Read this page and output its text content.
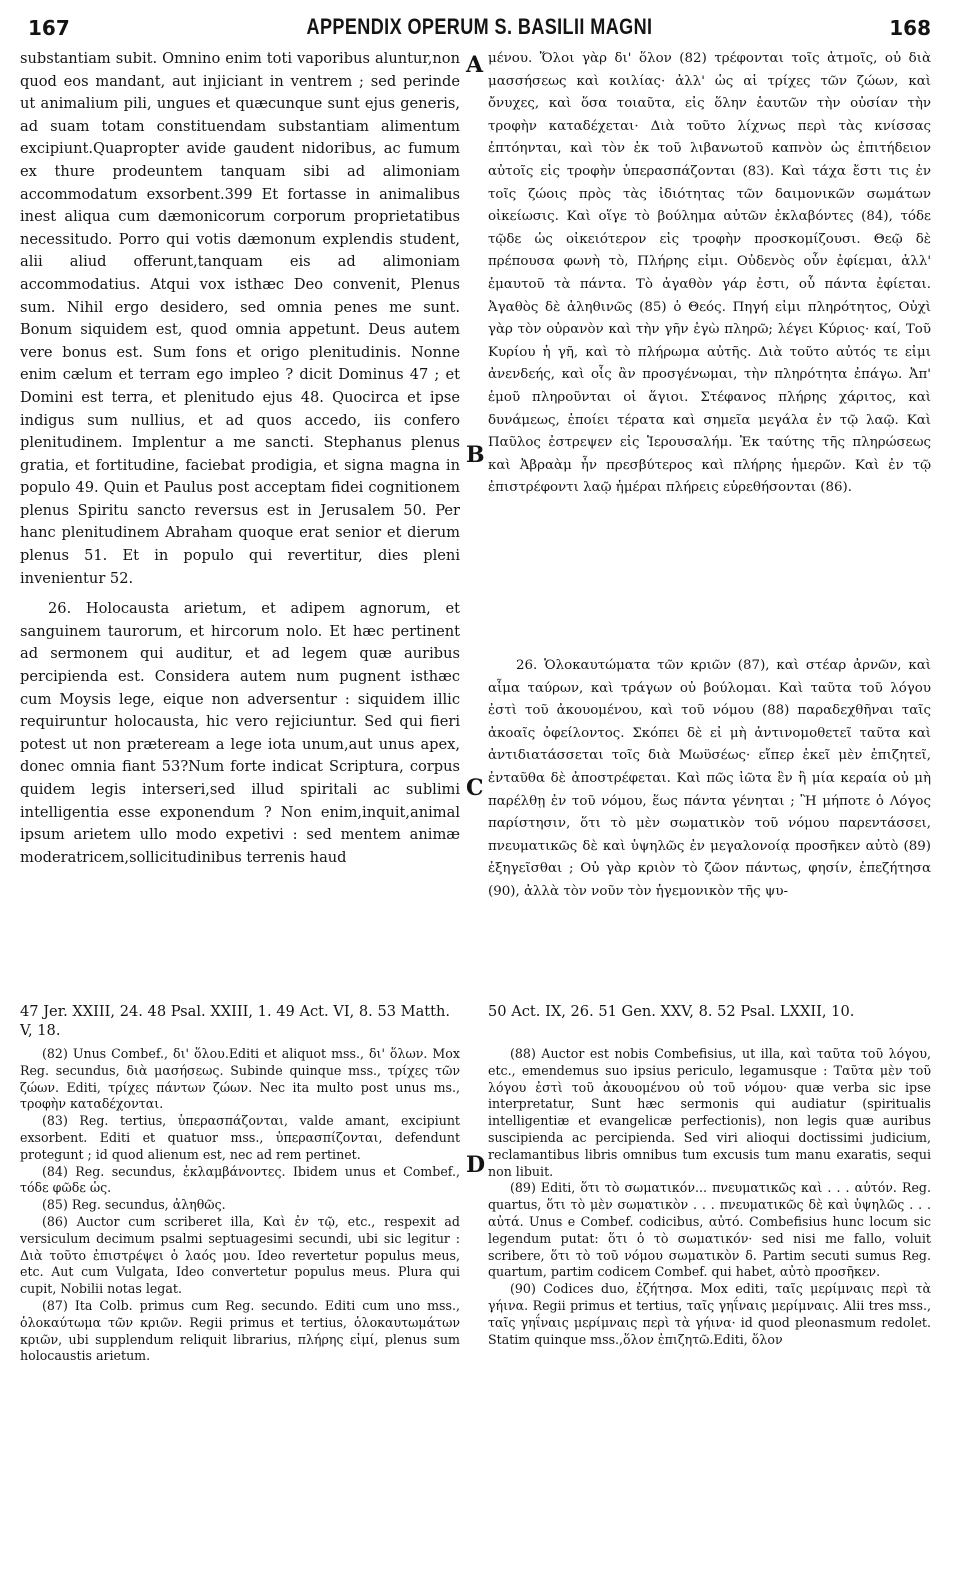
167	APPENDIX OPERUM S. BASILII MAGNI	168

substantiam subit. Omnino enim toti vaporibus aluntur,non quod eos mandant, aut injiciant in ventrem ; sed perinde ut animalium pili, ungues et quæcunque sunt ejus generis, ad suam totam constituendam substantiam alimentum excipiunt.Quapropter avide gaudent nidoribus, ac fumum ex thure prodeuntem tanquam sibi ad alimoniam accommodatum exsorbent.399 Et fortasse in animalibus inest aliqua cum dæmonicorum corporum proprietatibus necessitudo. Porro qui votis dæmonum explendis student, alii aliud offerunt,tanquam eis ad alimoniam accommodatius. Atqui vox isthæc Deo convenit, Plenus sum. Nihil ergo desidero, sed omnia penes me sunt. Bonum siquidem est, quod omnia appetunt. Deus autem vere bonus est. Sum fons et origo plenitudinis. Nonne enim cælum et terram ego impleo ? dicit Dominus 47 ; et Domini est terra, et plenitudo ejus 48. Quocirca et ipse indigus sum nullius, et ad quos accedo, iis confero plenitudinem. Implentur a me sancti. Stephanus plenus gratia, et fortitudine, faciebat prodigia, et signa magna in populo 49. Quin et Paulus post acceptam fidei cognitionem plenus Spiritu sancto reversus est in Jerusalem 50. Per hanc plenitudinem Abraham quoque erat senior et dierum plenus 51. Et in populo qui revertitur, dies pleni invenientur 52.

26. Holocausta arietum, et adipem agnorum, et sanguinem taurorum, et hircorum nolo. Et hæc pertinent ad sermonem qui auditur, et ad legem quæ auribus percipienda est. Considera autem num pugnent isthæc cum Moysis lege, eique non adversentur : siquidem illic requiruntur holocausta, hic vero rejiciuntur. Sed qui fieri potest ut non præteream a lege iota unum,aut unus apex, donec omnia fiant 53?Num forte indicat Scriptura, corpus quidem legis interseri,sed illud spiritali ac sublimi intelligentia esse exponendum ? Non enim,inquit,animal ipsum arietem ullo modo expetivi : sed mentem animæ moderatricem,sollicitudinibus terrenis haud

A
B
C
D

μένου. Ὅλοι γὰρ δι' ὅλον (82) τρέφονται τοῖς ἀτμοῖς, οὐ διὰ μασσήσεως καὶ κοιλίας· ἀλλ' ὡς αἱ τρίχες τῶν ζώων, καὶ ὄνυχες, καὶ ὅσα τοιαῦτα, εἰς ὅλην ἑαυτῶν τὴν οὐσίαν τὴν τροφὴν καταδέχεται· Διὰ τοῦτο λίχνως περὶ τὰς κνίσσας ἐπτόηνται, καὶ τὸν ἐκ τοῦ λιβανωτοῦ καπνὸν ὡς ἐπιτήδειον αὐτοῖς εἰς τροφὴν ὑπερασπάζονται (83). Καὶ τάχα ἔστι τις ἐν τοῖς ζώοις πρὸς τὰς ἰδιότητας τῶν δαιμονικῶν σωμάτων οἰκείωσις. Καὶ οἵγε τὸ βούλημα αὐτῶν ἐκλαβόντες (84), τόδε τῷδε ὡς οἰκειότερον εἰς τροφὴν προσκομίζουσι. Θεῷ δὲ πρέπουσα φωνὴ τὸ, Πλήρης εἰμι. Οὐδενὸς οὖν ἐφίεμαι, ἀλλ' ἐμαυτοῦ τὰ πάντα. Τὸ ἀγαθὸν γάρ ἐστι, οὗ πάντα ἐφίεται. Ἀγαθὸς δὲ ἀληθινῶς (85) ὁ Θεός. Πηγή εἰμι πληρότητος, Οὐχὶ γὰρ τὸν οὐρανὸν καὶ τὴν γῆν ἐγὼ πληρῶ; λέγει Κύριος· καί, Τοῦ Κυρίου ἡ γῆ, καὶ τὸ πλήρωμα αὐτῆς. Διὰ τοῦτο αὐτός τε εἰμι ἀνενδεής, καὶ οἷς ἂν προσγένωμαι, τὴν πληρότητα ἐπάγω. Ἀπ' ἐμοῦ πληροῦνται οἱ ἅγιοι. Στέφανος πλήρης χάριτος, καὶ δυνάμεως, ἐποίει τέρατα καὶ σημεῖα μεγάλα ἐν τῷ λαῷ. Καὶ Παῦλος ἐστρεψεν εἰς Ἱερουσαλήμ. Ἐκ ταύτης τῆς πληρώσεως καὶ Ἀβραὰμ ἦν πρεσβύτερος καὶ πλήρης ἡμερῶν. Καὶ ἐν τῷ ἐπιστρέφοντι λαῷ ἡμέραι πλήρεις εὑρεθήσονται (86).

26. Ὁλοκαυτώματα τῶν κριῶν (87), καὶ στέαρ ἀρνῶν, καὶ αἷμα ταύρων, καὶ τράγων οὐ βούλομαι. Καὶ ταῦτα τοῦ λόγου ἐστὶ τοῦ ἀκουομένου, καὶ τοῦ νόμου (88) παραδεχθῆναι ταῖς ἀκοαῖς ὀφείλοντος. Σκόπει δὲ εἰ μὴ ἀντινομοθετεῖ ταῦτα καὶ ἀντιδιατάσσεται τοῖς διὰ Μωϋσέως· εἴπερ ἐκεῖ μὲν ἐπιζητεῖ, ἐνταῦθα δὲ ἀποστρέφεται. Καὶ πῶς ἰῶτα ἓν ἢ μία κεραία οὐ μὴ παρέλθῃ ἐν τοῦ νόμου, ἕως πάντα γένηται ; Ἢ μήποτε ὁ Λόγος παρίστησιν, ὅτι τὸ μὲν σωματικὸν τοῦ νόμου παρεντάσσει, πνευματικῶς δὲ καὶ ὑψηλῶς ἐν μεγαλονοίᾳ προσῆκεν αὐτὸ (89) ἐξηγεῖσθαι ; Οὐ γὰρ κριὸν τὸ ζῶον πάντως, φησίν, ἐπεζήτησα (90), ἀλλὰ τὸν νοῦν τὸν ἡγεμονικὸν τῆς ψυ-

47 Jer. XXIII, 24. 48 Psal. XXIII, 1. 49 Act. VI, 8. 53 Matth. V, 18.
50 Act. IX, 26. 51 Gen. XXV, 8. 52 Psal. LXXII, 10.

(82) Unus Combef., δι' ὅλου.Editi et aliquot mss., δι' ὅλων. Mox Reg. secundus, διὰ μασήσεως. Subinde quinque mss., τρίχες τῶν ζώων. Editi, τρίχες πάντων ζώων. Nec ita multo post unus ms., τροφὴν καταδέχονται.

(83) Reg. tertius, ὑπερασπάζονται, valde amant, excipiunt exsorbent. Editi et quatuor mss., ὑπερασπίζονται, defendunt protegunt ; id quod alienum est, nec ad rem pertinet.

(84) Reg. secundus, ἐκλαμβάνοντες. Ibidem unus et Combef., τόδε φῶδε ὡς.

(85) Reg. secundus, ἀληθῶς.

(86) Auctor cum scriberet illa, Καὶ ἐν τῷ, etc., respexit ad versiculum decimum psalmi septuagesimi secundi, ubi sic legitur : Διὰ τοῦτο ἐπιστρέψει ὁ λαός μου. Ideo revertetur populus meus, etc. Aut cum Vulgata, Ideo convertetur populus meus. Plura qui cupit, Nobilii notas legat.

(87) Ita Colb. primus cum Reg. secundo. Editi cum uno mss., ὁλοκαύτωμα τῶν κριῶν. Regii primus et tertius, ὁλοκαυτωμάτων κριῶν, ubi supplendum reliquit librarius, πλήρης εἰμί, plenus sum holocaustis arietum.

(88) Auctor est nobis Combefisius, ut illa, καὶ ταῦτα τοῦ λόγου, etc., emendemus suo ipsius periculo, legamusque : Ταῦτα μὲν τοῦ λόγου ἐστὶ τοῦ ἀκουομένου οὐ τοῦ νόμου· quæ verba sic ipse interpretatur, Sunt hæc sermonis qui audiatur (spiritualis intelligentiæ et evangelicæ perfectionis), non legis quæ auribus suscipienda ac percipienda. Sed viri alioqui doctissimi judicium, reclamantibus libris omnibus tum excusis tum manu exaratis, sequi non libuit.

(89) Editi, ὅτι τὸ σωματικόν... πνευματικῶς καὶ . . . αὐτόν. Reg. quartus, ὅτι τὸ μὲν σωματικὸν . . . πνευματικῶς δὲ καὶ ὑψηλῶς . . . αὐτά. Unus e Combef. codicibus, αὐτό. Combefisius hunc locum sic legendum putat: ὅτι ὁ τὸ σωματικόν· sed nisi me fallo, voluit scribere, ὅτι τὸ τοῦ νόμου σωματικὸν δ. Partim secuti sumus Reg. quartum, partim codicem Combef. qui habet, αὐτὸ προσῆκεν.

(90) Codices duo, ἐζήτησα. Mox editi, ταῖς μερίμναις περὶ τὰ γήινα. Regii primus et tertius, ταῖς γηΐναις μερίμναις. Alii tres mss., ταῖς γηΐναις μερίμναις περὶ τὰ γήινα· id quod pleonasmum redolet. Statim quinque mss.,ὅλον ἐπιζητῶ.Editi, ὅλον
